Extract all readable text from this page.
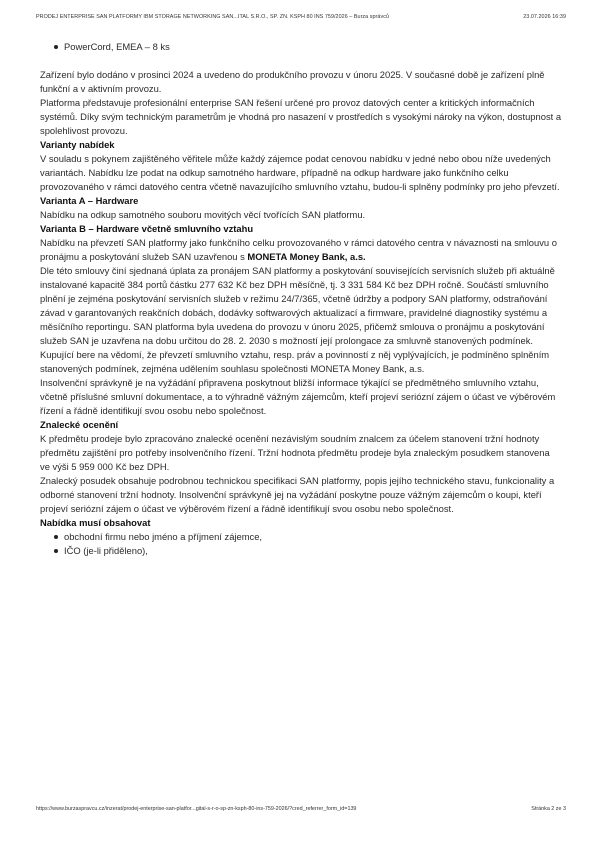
PRODEJ ENTERPRISE SAN PLATFORMY IBM STORAGE NETWORKING SAN...ITAL S.R.O., SP. ZN. KSPH 80 INS 759/2026 – Burza správců	23.07.2026 16:39
PowerCord, EMEA – 8 ks

Zařízení bylo dodáno v prosinci 2024 a uvedeno do produkčního provozu v únoru 2025. V současné době je zařízení plně funkční a v aktivním provozu.

Platforma představuje profesionální enterprise SAN řešení určené pro provoz datových center a kritických informačních systémů. Díky svým technickým parametrům je vhodná pro nasazení v prostředích s vysokými nároky na výkon, dostupnost a spolehlivost provozu.

Varianty nabídek

V souladu s pokynem zajištěného věřitele může každý zájemce podat cenovou nabídku v jedné nebo obou níže uvedených variantách. Nabídku lze podat na odkup samotného hardware, případně na odkup hardware jako funkčního celku provozovaného v rámci datového centra včetně navazujícího smluvního vztahu, budou-li splněny podmínky pro jeho převzetí.

Varianta A – Hardware

Nabídku na odkup samotného souboru movitých věcí tvořících SAN platformu.

Varianta B – Hardware včetně smluvního vztahu

Nabídku na převzetí SAN platformy jako funkčního celku provozovaného v rámci datového centra v návaznosti na smlouvu o pronájmu a poskytování služeb SAN uzavřenou s MONETA Money Bank, a.s.

Dle této smlouvy činí sjednaná úplata za pronájem SAN platformy a poskytování souvisejících servisních služeb při aktuálně instalované kapacitě 384 portů částku 277 632 Kč bez DPH měsíčně, tj. 3 331 584 Kč bez DPH ročně. Součástí smluvního plnění je zejména poskytování servisních služeb v režimu 24/7/365, včetně údržby a podpory SAN platformy, odstraňování závad v garantovaných reakčních dobách, dodávky softwarových aktualizací a firmware, pravidelné diagnostiky systému a měsíčního reportingu. SAN platforma byla uvedena do provozu v únoru 2025, přičemž smlouva o pronájmu a poskytování služeb SAN je uzavřena na dobu určitou do 28. 2. 2030 s možností její prolongace za smluvně stanovených podmínek.

Kupující bere na vědomí, že převzetí smluvního vztahu, resp. práv a povinností z něj vyplývajících, je podmíněno splněním stanovených podmínek, zejména udělením souhlasu společnosti MONETA Money Bank, a.s.

Insolvenční správkyně je na vyžádání připravena poskytnout bližší informace týkající se předmětného smluvního vztahu, včetně příslušné smluvní dokumentace, a to výhradně vážným zájemcům, kteří projeví seriózní zájem o účast ve výběrovém řízení a řádně identifikují svou osobu nebo společnost.

Znalecké ocenění

K předmětu prodeje bylo zpracováno znalecké ocenění nezávislým soudním znalcem za účelem stanovení tržní hodnoty předmětu zajištění pro potřeby insolvenčního řízení. Tržní hodnota předmětu prodeje byla znaleckým posudkem stanovena ve výši 5 959 000 Kč bez DPH.

Znalecký posudek obsahuje podrobnou technickou specifikaci SAN platformy, popis jejího technického stavu, funkcionality a odborné stanovení tržní hodnoty. Insolvenční správkyně jej na vyžádání poskytne pouze vážným zájemcům o koupi, kteří projeví seriózní zájem o účast ve výběrovém řízení a řádně identifikují svou osobu nebo společnost.

Nabídka musí obsahovat
obchodní firmu nebo jméno a příjmení zájemce,
IČO (je-li přiděleno),
https://www.burzaspravcu.cz/inzerat/prodej-enterprise-san-platfor...gital-s-r-o-sp-zn-ksph-80-ins-759-2026/?cred_referrer_form_id=139	Stránka 2 ze 3
